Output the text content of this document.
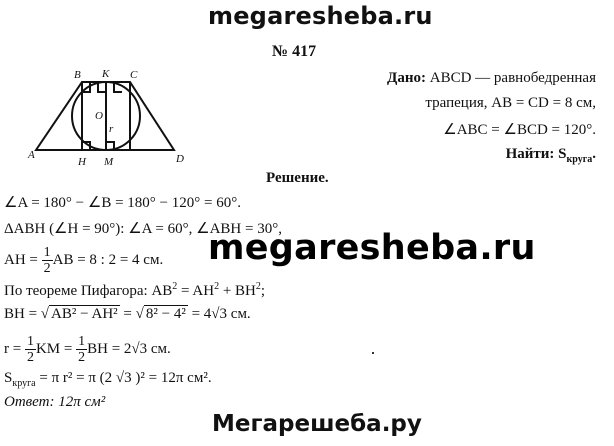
megaresheba.ru
№ 417
A
B K C
D
H M
O
r
Дано: ABCD — равнобедренная
трапеция, AB = CD = 8 см,
∠ABC = ∠BCD = 120°.
Найти: $S_{круга}$.
Решение.
∠A = 180° − ∠B = 180° − 120° = 60°.
ΔABH (∠H = 90°): ∠A = 60°, ∠ABH = 30°,
AH = $\frac{1}{2}$ AB = 8 : 2 = 4 см. megaresheba.ru
По теореме Пифагора: $AB^2 = AH^2 + BH^2$;
BH = √ AB² − AH² = √ 8² − 4² = 4√3 см.
$r = \frac{1}{2}$ KM = $\frac{1}{2}$ BH = 2√3 см.
$S_{круга} = \pi$ r² = π (2 √3 )² = 12π см².
Ответ: 12π см²
Мегарешеба.ру
